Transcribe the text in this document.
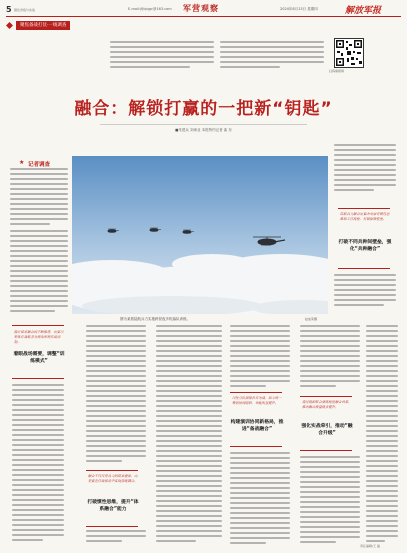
5 强化训练与实战	E-mail:jfjbjqgc@163.com 军营观察	2024年8月13日 星期四	解放军报
聚焦备战打仗·一线调查
扫码看视频
融合：解锁打赢的一把新“钥匙”
■朱建兵 刘承业 本报特约记者 曲 东
★ 记者调查
图为某旅陆航兵力实施跨昼夜多机编队训练。	赵成荣摄
陆航兵力融合需要改变原有惯性思维和工作流程，打破保障壁垒。
打破不同兵种间壁垒，强化“兵种融合”
随着体系融合的不断推进，需要以整体作战链条为视角审视作战问题。
着眼战场需要，调整“训练模式”
融合不仅仅是兵力的简单叠加，而是要在作战体系中实现深度耦合。
打破惯性思维，提升“体系融合”能力
以往分队演练各自为战，如今统一筹划协同组织，效能明显提升。
构建演训协同新格局，推进“备战融合”
通过组织联合演练检验融合效果，推动融合质量稳步提升。
强化实战牵引，推动“融合升级”
责任编辑/王 磊
